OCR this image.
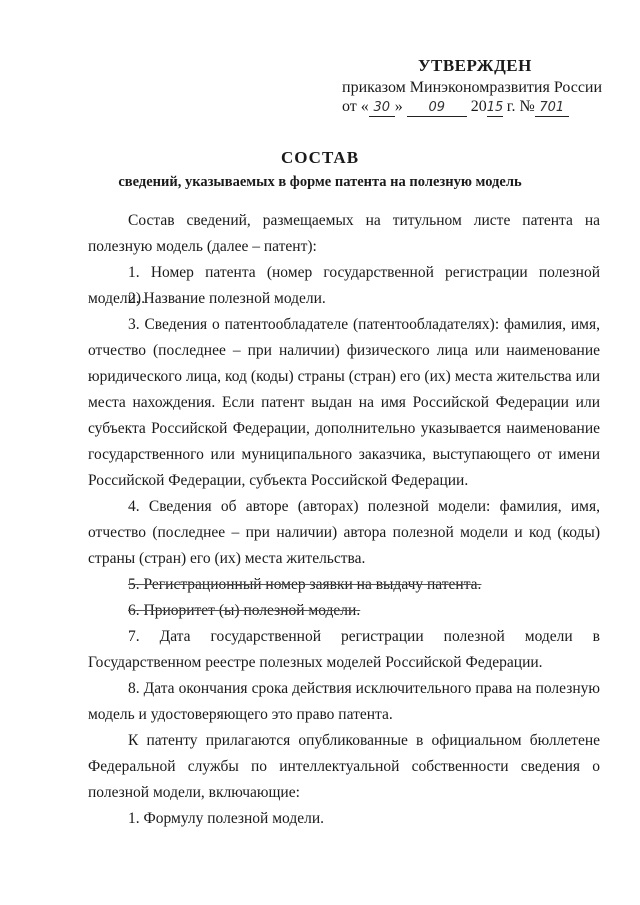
УТВЕРЖДЕН
приказом Минэкономразвития России
от « 30 » 09 2015 г. № 701
СОСТАВ
сведений, указываемых в форме патента на полезную модель

Состав сведений, размещаемых на титульном листе патента на полезную модель (далее – патент):

1. Номер патента (номер государственной регистрации полезной модели).

2. Название полезной модели.

3. Сведения о патентообладателе (патентообладателях): фамилия, имя, отчество (последнее – при наличии) физического лица или наименование юридического лица, код (коды) страны (стран) его (их) места жительства или места нахождения. Если патент выдан на имя Российской Федерации или субъекта Российской Федерации, дополнительно указывается наименование государственного или муниципального заказчика, выступающего от имени Российской Федерации, субъекта Российской Федерации.

4. Сведения об авторе (авторах) полезной модели: фамилия, имя, отчество (последнее – при наличии) автора полезной модели и код (коды) страны (стран) его (их) места жительства.

5. Регистрационный номер заявки на выдачу патента.

6. Приоритет (ы) полезной модели.

7. Дата государственной регистрации полезной модели в Государственном реестре полезных моделей Российской Федерации.

8. Дата окончания срока действия исключительного права на полезную модель и удостоверяющего это право патента.

К патенту прилагаются опубликованные в официальном бюллетене Федеральной службы по интеллектуальной собственности сведения о полезной модели, включающие:

1. Формулу полезной модели.
